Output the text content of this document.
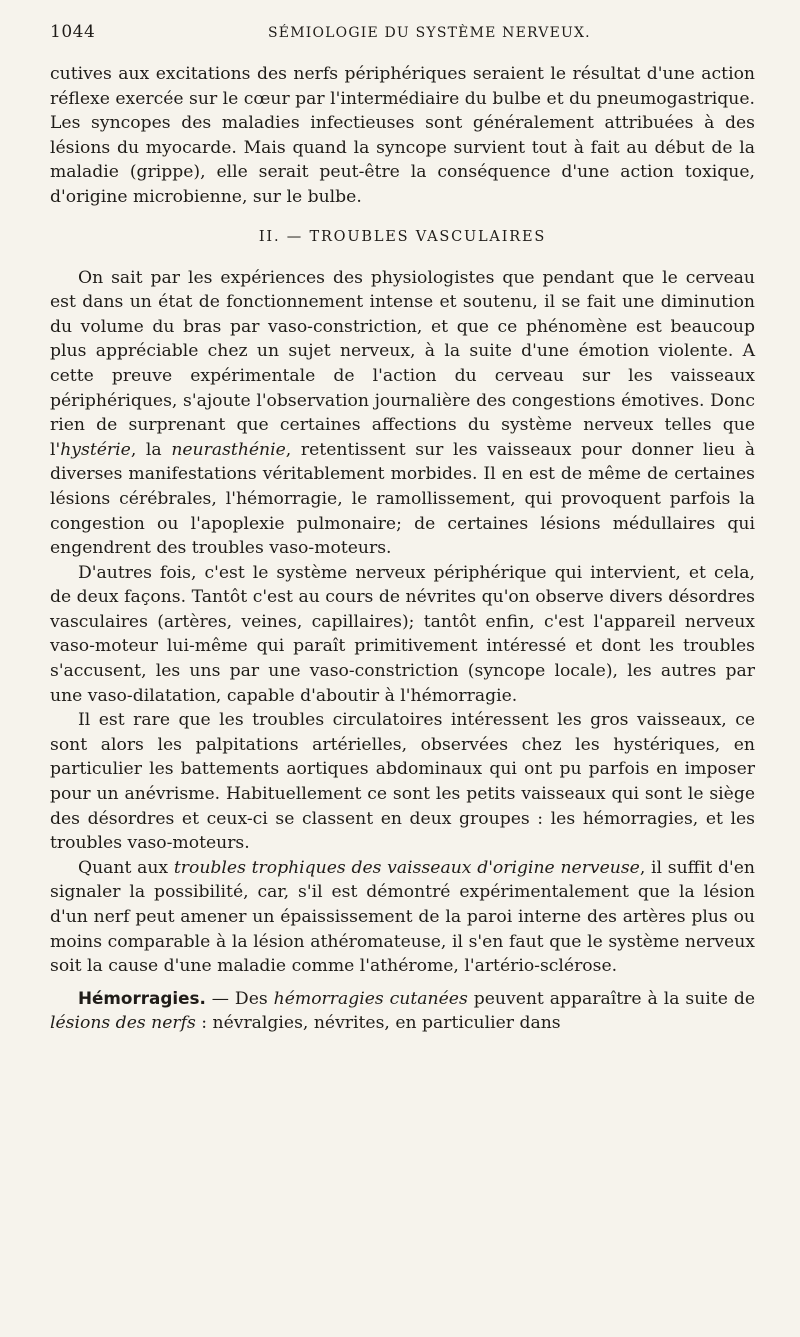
1044	SÉMIOLOGIE DU SYSTÈME NERVEUX.

cutives aux excitations des nerfs périphériques seraient le résultat d'une action réflexe exercée sur le cœur par l'intermédiaire du bulbe et du pneumogastrique. Les syncopes des maladies infectieuses sont généralement attribuées à des lésions du myocarde. Mais quand la syncope survient tout à fait au début de la maladie (grippe), elle serait peut-être la conséquence d'une action toxique, d'origine microbienne, sur le bulbe.

II. — TROUBLES VASCULAIRES

On sait par les expériences des physiologistes que pendant que le cerveau est dans un état de fonctionnement intense et soutenu, il se fait une diminution du volume du bras par vaso-constriction, et que ce phénomène est beaucoup plus appréciable chez un sujet nerveux, à la suite d'une émotion violente. A cette preuve expérimentale de l'action du cerveau sur les vaisseaux périphériques, s'ajoute l'observation journalière des congestions émotives. Donc rien de surprenant que certaines affections du système nerveux telles que l'hystérie, la neurasthénie, retentissent sur les vaisseaux pour donner lieu à diverses manifestations véritablement morbides. Il en est de même de certaines lésions cérébrales, l'hémorragie, le ramollissement, qui provoquent parfois la congestion ou l'apoplexie pulmonaire; de certaines lésions médullaires qui engendrent des troubles vaso-moteurs.

D'autres fois, c'est le système nerveux périphérique qui intervient, et cela, de deux façons. Tantôt c'est au cours de névrites qu'on observe divers désordres vasculaires (artères, veines, capillaires); tantôt enfin, c'est l'appareil nerveux vaso-moteur lui-même qui paraît primitivement intéressé et dont les troubles s'accusent, les uns par une vaso-constriction (syncope locale), les autres par une vaso-dilatation, capable d'aboutir à l'hémorragie.

Il est rare que les troubles circulatoires intéressent les gros vaisseaux, ce sont alors les palpitations artérielles, observées chez les hystériques, en particulier les battements aortiques abdominaux qui ont pu parfois en imposer pour un anévrisme. Habituellement ce sont les petits vaisseaux qui sont le siège des désordres et ceux-ci se classent en deux groupes : les hémorragies, et les troubles vaso-moteurs.

Quant aux troubles trophiques des vaisseaux d'origine nerveuse, il suffit d'en signaler la possibilité, car, s'il est démontré expérimentalement que la lésion d'un nerf peut amener un épaississement de la paroi interne des artères plus ou moins comparable à la lésion athéromateuse, il s'en faut que le système nerveux soit la cause d'une maladie comme l'athérome, l'artério-sclérose.

Hémorragies. — Des hémorragies cutanées peuvent apparaître à la suite de lésions des nerfs : névralgies, névrites, en particulier dans
